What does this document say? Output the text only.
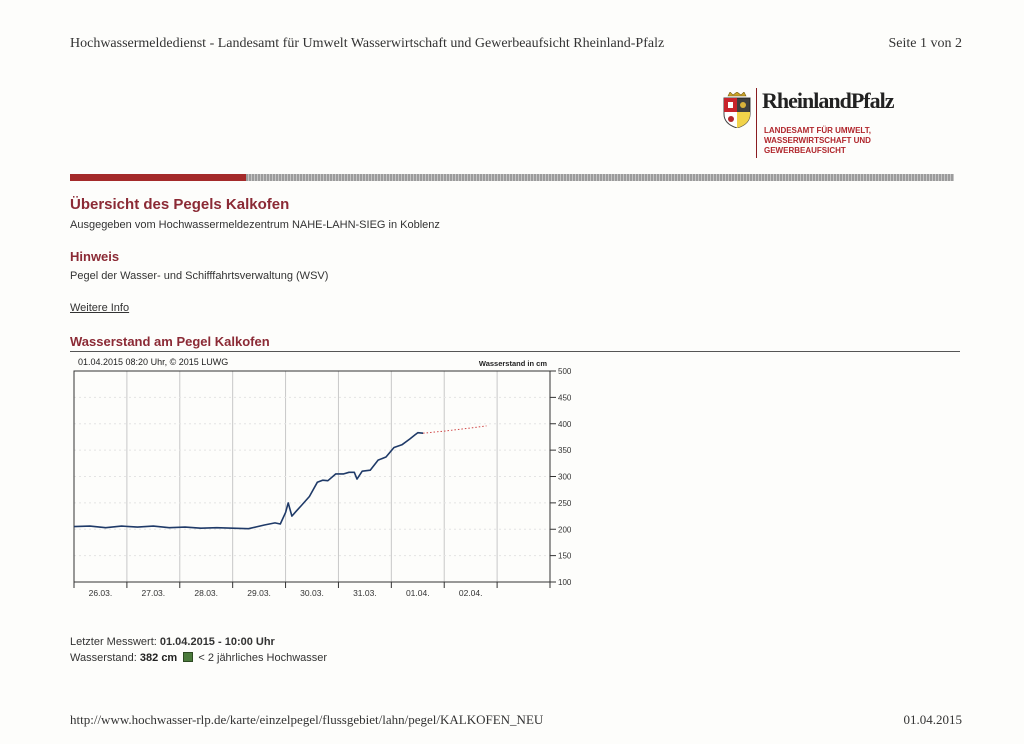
Hochwassermeldedienst - Landesamt für Umwelt Wasserwirtschaft und Gewerbeaufsicht Rheinland-Pfalz	Seite 1 von 2
RheinlandPfalz
LANDESAMT FÜR UMWELT,
WASSERWIRTSCHAFT UND
GEWERBEAUFSICHT
Übersicht des Pegels Kalkofen
Ausgegeben vom Hochwassermeldezentrum NAHE-LAHN-SIEG in Koblenz
Hinweis
Pegel der Wasser- und Schifffahrtsverwaltung (WSV)
Weitere Info
Wasserstand am Pegel Kalkofen
01.04.2015 08:20 Uhr, © 2015 LUWG	Wasserstand in cm
100
150
200
250
300
350
400
450
500
26.03.	27.03.	28.03.	29.03.	30.03.	31.03.	01.04.	02.04.
Letzter Messwert: 01.04.2015 - 10:00 Uhr
Wasserstand: 382 cm < 2 jährliches Hochwasser
http://www.hochwasser-rlp.de/karte/einzelpegel/flussgebiet/lahn/pegel/KALKOFEN_NEU	01.04.2015
